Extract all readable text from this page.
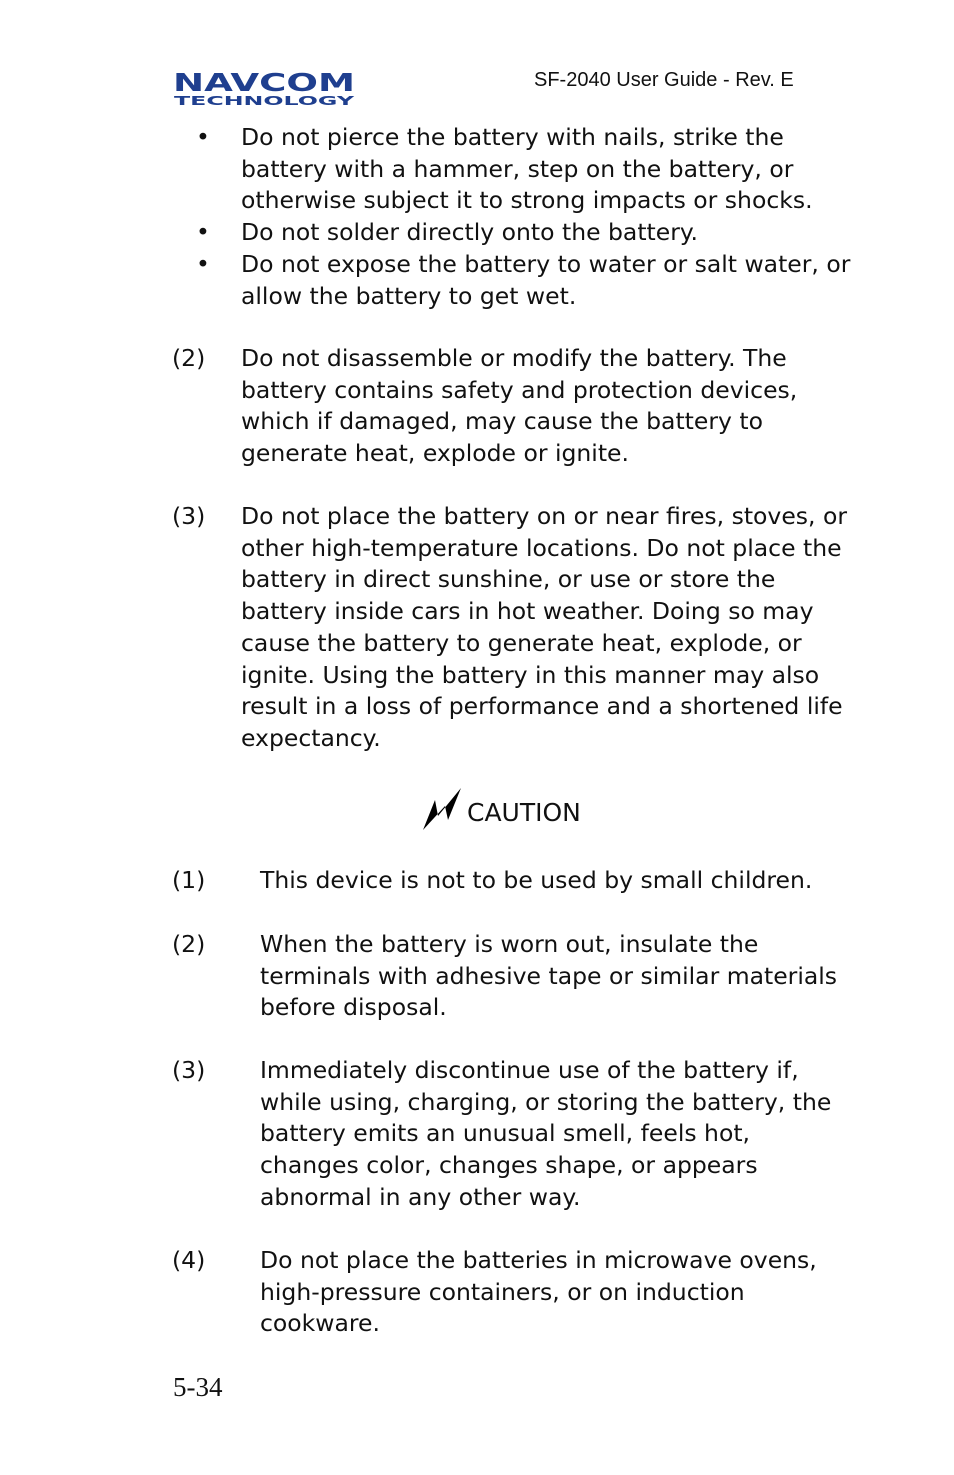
NAVCOM
TECHNOLOGY
SF-2040 User Guide - Rev. E
• Do not pierce the battery with nails, strike the battery with a hammer, step on the battery, or otherwise subject it to strong impacts or shocks.
• Do not solder directly onto the battery.
• Do not expose the battery to water or salt water, or allow the battery to get wet.
(2) Do not disassemble or modify the battery. The battery contains safety and protection devices, which if damaged, may cause the battery to generate heat, explode or ignite.
(3) Do not place the battery on or near fires, stoves, or other high-temperature locations. Do not place the battery in direct sunshine, or use or store the battery inside cars in hot weather. Doing so may cause the battery to generate heat, explode, or ignite. Using the battery in this manner may also result in a loss of performance and a shortened life expectancy.
CAUTION
(1) This device is not to be used by small children.
(2) When the battery is worn out, insulate the terminals with adhesive tape or similar materials before disposal.
(3) Immediately discontinue use of the battery if, while using, charging, or storing the battery, the battery emits an unusual smell, feels hot, changes color, changes shape, or appears abnormal in any other way.
(4) Do not place the batteries in microwave ovens, high-pressure containers, or on induction cookware.
5-34
